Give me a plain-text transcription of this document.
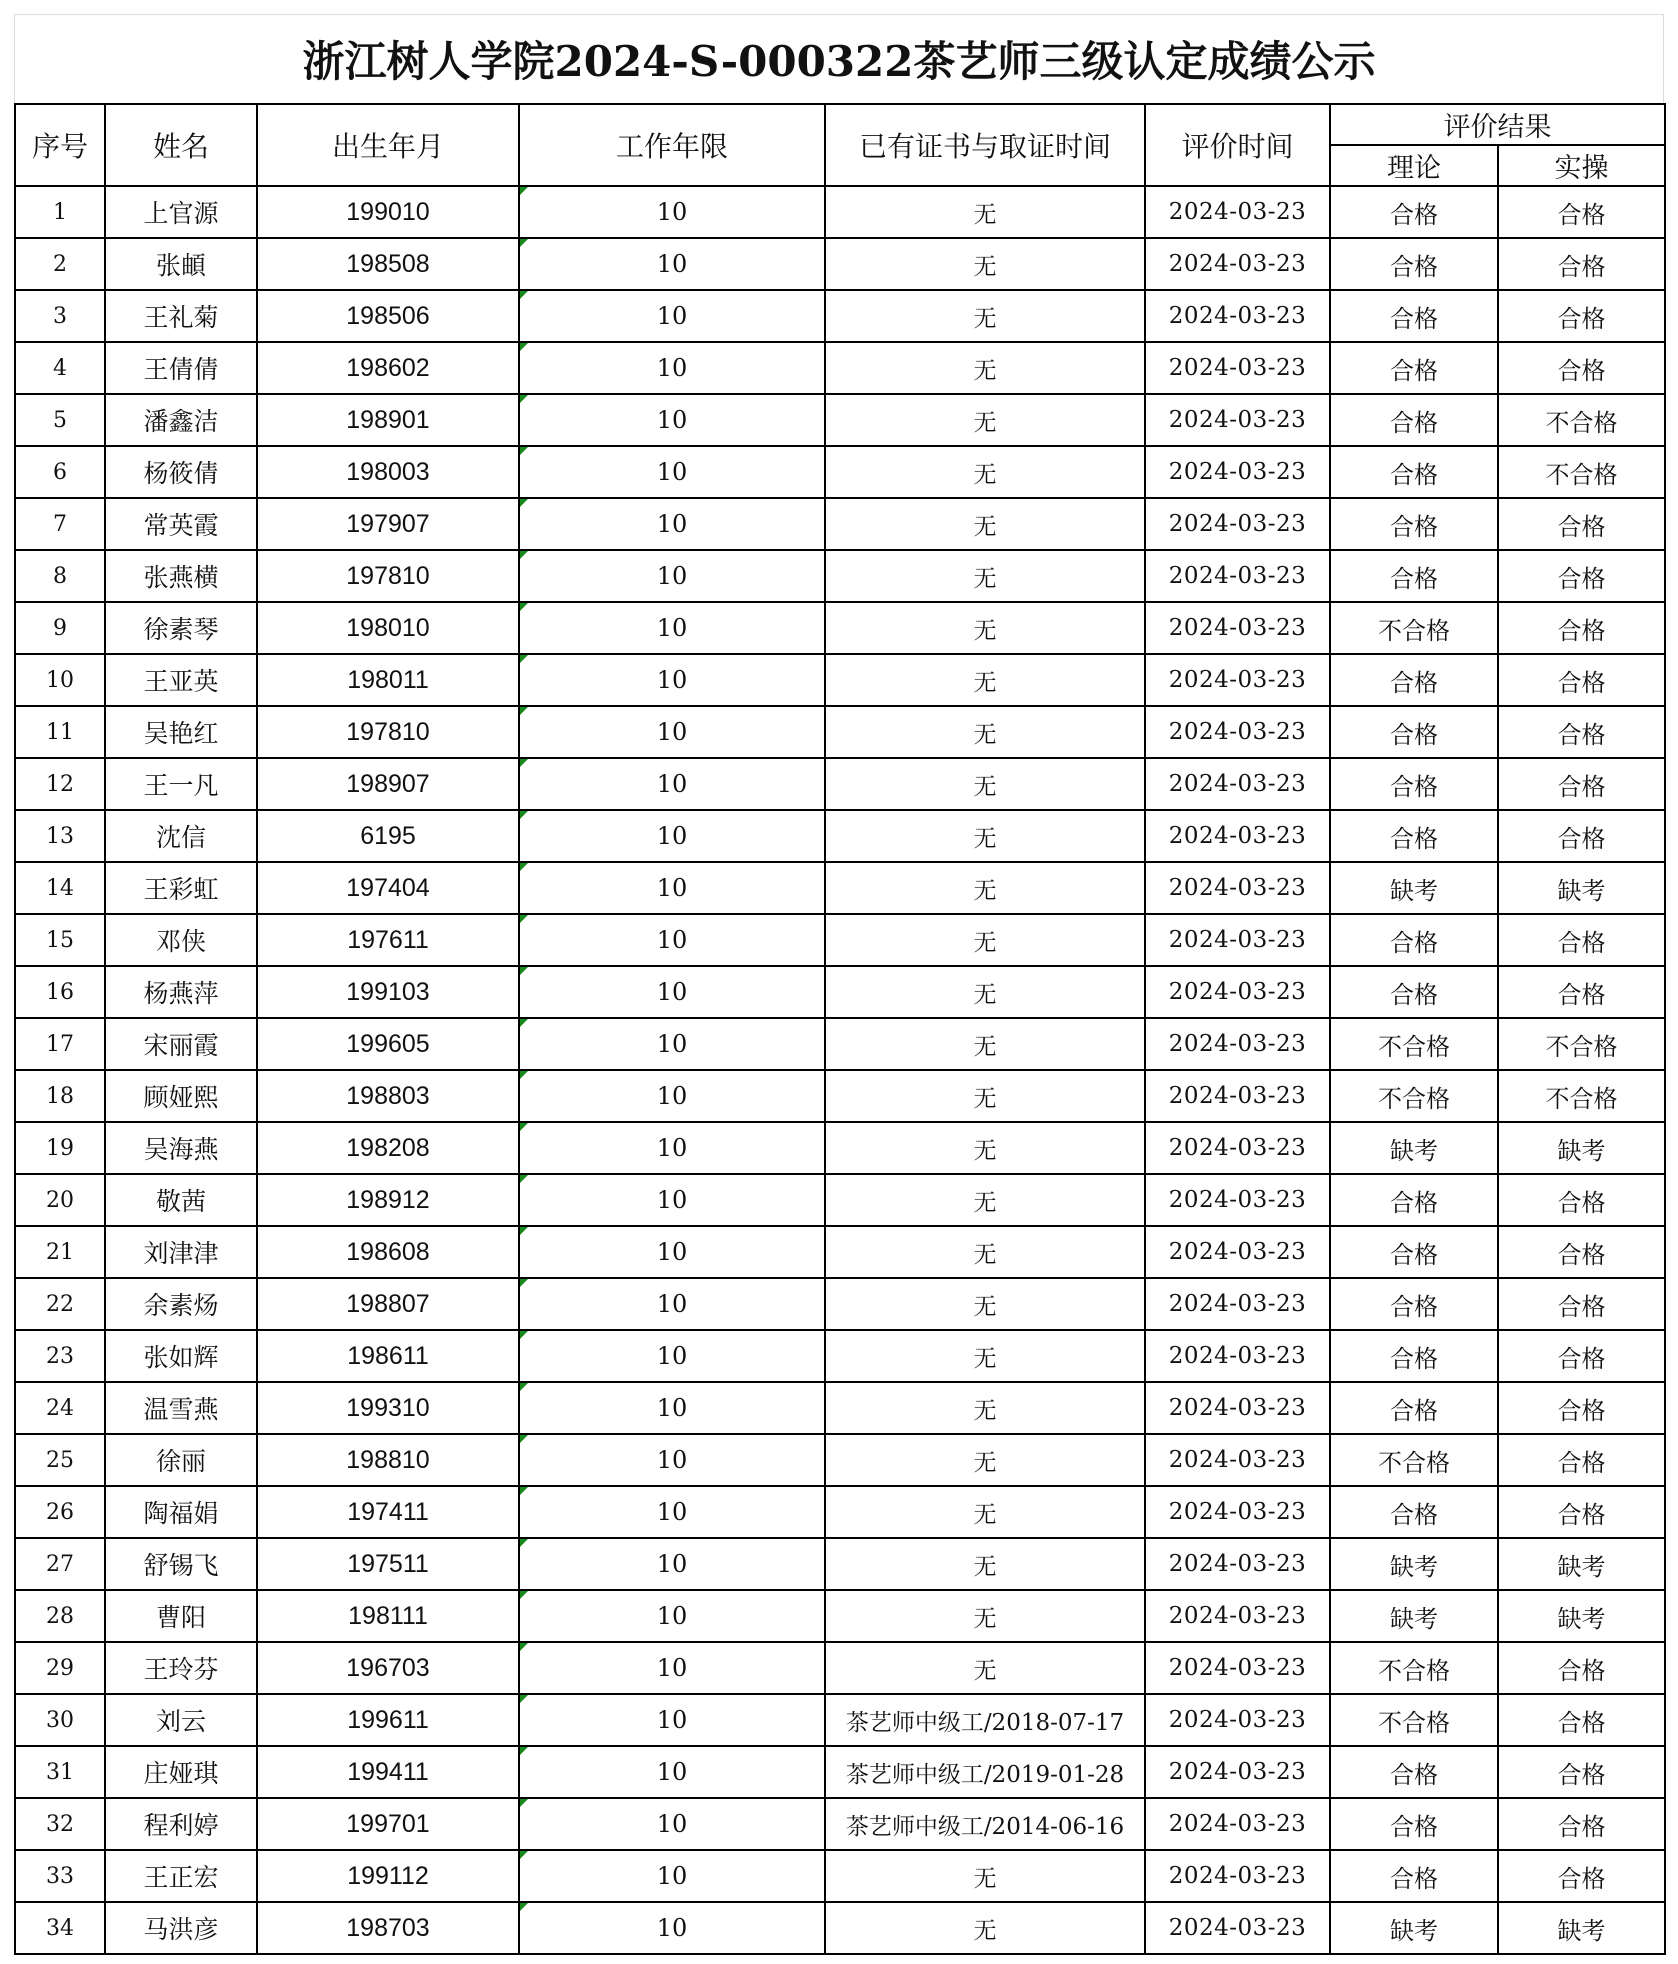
浙江树人学院2024-S-000322茶艺师三级认定成绩公示
序号	姓名	出生年月	工作年限	已有证书与取证时间	评价时间	评价结果	
						理论	实操
1	上官源	199010	10	无	2024-03-23	合格	合格
2	张頔	198508	10	无	2024-03-23	合格	合格
3	王礼菊	198506	10	无	2024-03-23	合格	合格
4	王倩倩	198602	10	无	2024-03-23	合格	合格
5	潘鑫洁	198901	10	无	2024-03-23	合格	不合格
6	杨筱倩	198003	10	无	2024-03-23	合格	不合格
7	常英霞	197907	10	无	2024-03-23	合格	合格
8	张燕横	197810	10	无	2024-03-23	合格	合格
9	徐素琴	198010	10	无	2024-03-23	不合格	合格
10	王亚英	198011	10	无	2024-03-23	合格	合格
11	吴艳红	197810	10	无	2024-03-23	合格	合格
12	王一凡	198907	10	无	2024-03-23	合格	合格
13	沈信	6195	10	无	2024-03-23	合格	合格
14	王彩虹	197404	10	无	2024-03-23	缺考	缺考
15	邓侠	197611	10	无	2024-03-23	合格	合格
16	杨燕萍	199103	10	无	2024-03-23	合格	合格
17	宋丽霞	199605	10	无	2024-03-23	不合格	不合格
18	顾娅熙	198803	10	无	2024-03-23	不合格	不合格
19	吴海燕	198208	10	无	2024-03-23	缺考	缺考
20	敬茜	198912	10	无	2024-03-23	合格	合格
21	刘津津	198608	10	无	2024-03-23	合格	合格
22	余素炀	198807	10	无	2024-03-23	合格	合格
23	张如辉	198611	10	无	2024-03-23	合格	合格
24	温雪燕	199310	10	无	2024-03-23	合格	合格
25	徐丽	198810	10	无	2024-03-23	不合格	合格
26	陶福娟	197411	10	无	2024-03-23	合格	合格
27	舒锡飞	197511	10	无	2024-03-23	缺考	缺考
28	曹阳	198111	10	无	2024-03-23	缺考	缺考
29	王玲芬	196703	10	无	2024-03-23	不合格	合格
30	刘云	199611	10	茶艺师中级工/2018-07-17	2024-03-23	不合格	合格
31	庄娅琪	199411	10	茶艺师中级工/2019-01-28	2024-03-23	合格	合格
32	程利婷	199701	10	茶艺师中级工/2014-06-16	2024-03-23	合格	合格
33	王正宏	199112	10	无	2024-03-23	合格	合格
34	马洪彦	198703	10	无	2024-03-23	缺考	缺考
